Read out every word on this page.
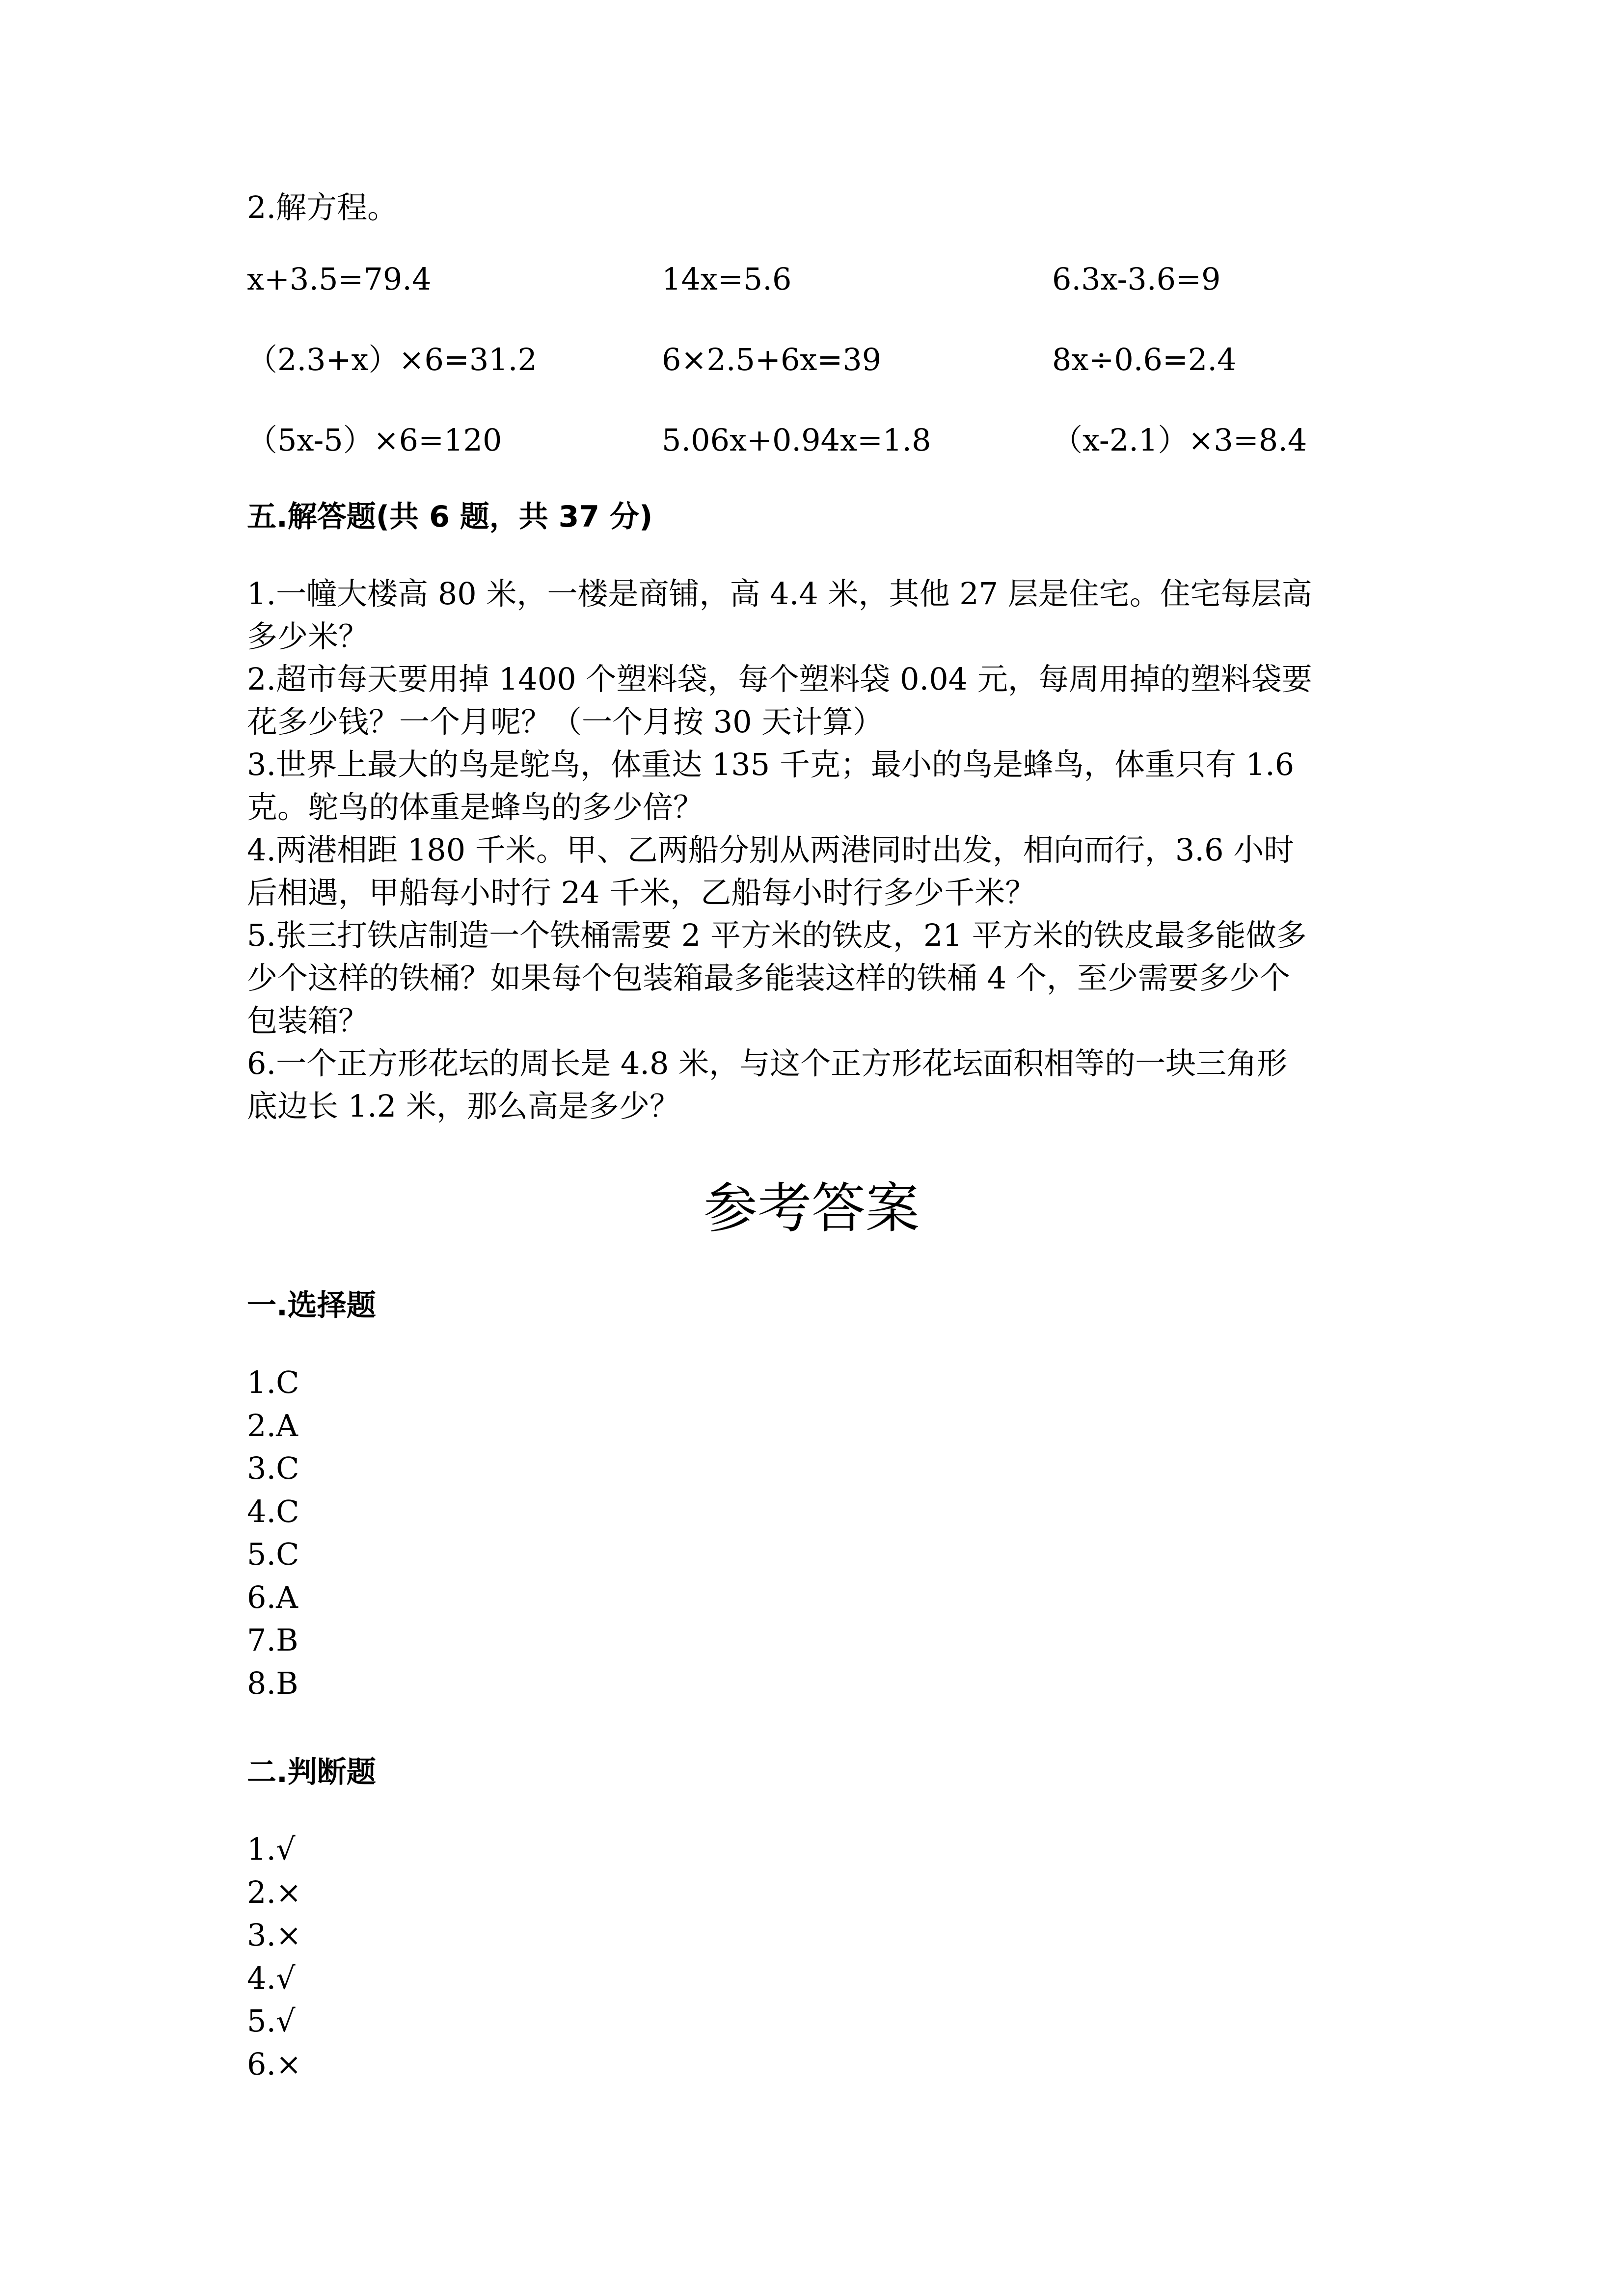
2.解方程。
x+3.5=79.4	14x=5.6	6.3x-3.6=9
（2.3+x）×6=31.2	6×2.5+6x=39	8x÷0.6=2.4
（5x-5）×6=120	5.06x+0.94x=1.8	（x-2.1）×3=8.4
五.解答题(共 6 题，共 37 分)
1.一幢大楼高 80 米，一楼是商铺，高 4.4 米，其他 27 层是住宅。住宅每层高
多少米？
2.超市每天要用掉 1400 个塑料袋，每个塑料袋 0.04 元，每周用掉的塑料袋要
花多少钱？一个月呢？（一个月按 30 天计算）
3.世界上最大的鸟是鸵鸟，体重达 135 千克；最小的鸟是蜂鸟，体重只有 1.6
克。鸵鸟的体重是蜂鸟的多少倍？
4.两港相距 180 千米。甲、乙两船分别从两港同时出发，相向而行，3.6 小时
后相遇，甲船每小时行 24 千米，乙船每小时行多少千米？
5.张三打铁店制造一个铁桶需要 2 平方米的铁皮，21 平方米的铁皮最多能做多
少个这样的铁桶？如果每个包装箱最多能装这样的铁桶 4 个，至少需要多少个
包装箱？
6.一个正方形花坛的周长是 4.8 米，与这个正方形花坛面积相等的一块三角形
底边长 1.2 米，那么高是多少？
参考答案
一.选择题
1.C
2.A
3.C
4.C
5.C
6.A
7.B
8.B
二.判断题
1.√
2.×
3.×
4.√
5.√
6.×
